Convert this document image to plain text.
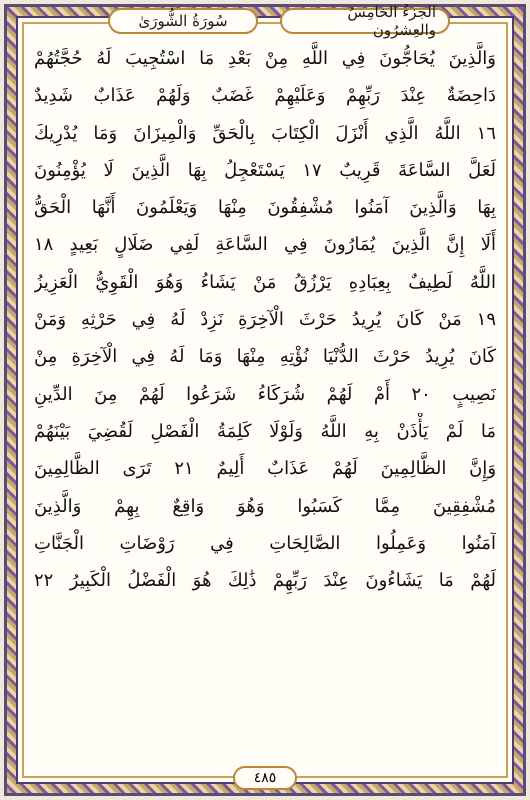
سُورَةُ الشُّورَىٰ	الجزءُ الخامِسُ والعِشرُون
وَالَّذِينَ يُحَاجُّونَ فِي اللَّهِ مِنْ بَعْدِ مَا اسْتُجِيبَ لَهُ حُجَّتُهُمْ
دَاحِضَةٌ عِنْدَ رَبِّهِمْ وَعَلَيْهِمْ غَضَبٌ وَلَهُمْ عَذَابٌ شَدِيدٌ
١٦ اللَّهُ الَّذِي أَنْزَلَ الْكِتَابَ بِالْحَقِّ وَالْمِيزَانَ وَمَا يُدْرِيكَ
لَعَلَّ السَّاعَةَ قَرِيبٌ ١٧ يَسْتَعْجِلُ بِهَا الَّذِينَ لَا يُؤْمِنُونَ
بِهَا وَالَّذِينَ آمَنُوا مُشْفِقُونَ مِنْهَا وَيَعْلَمُونَ أَنَّهَا الْحَقُّ
أَلَا إِنَّ الَّذِينَ يُمَارُونَ فِي السَّاعَةِ لَفِي ضَلَالٍ بَعِيدٍ ١٨
اللَّهُ لَطِيفٌ بِعِبَادِهِ يَرْزُقُ مَنْ يَشَاءُ وَهُوَ الْقَوِيُّ الْعَزِيزُ
١٩ مَنْ كَانَ يُرِيدُ حَرْثَ الْآخِرَةِ نَزِدْ لَهُ فِي حَرْثِهِ وَمَنْ
كَانَ يُرِيدُ حَرْثَ الدُّنْيَا نُؤْتِهِ مِنْهَا وَمَا لَهُ فِي الْآخِرَةِ مِنْ
نَصِيبٍ ٢٠ أَمْ لَهُمْ شُرَكَاءُ شَرَعُوا لَهُمْ مِنَ الدِّينِ
مَا لَمْ يَأْذَنْ بِهِ اللَّهُ وَلَوْلَا كَلِمَةُ الْفَصْلِ لَقُضِيَ بَيْنَهُمْ
وَإِنَّ الظَّالِمِينَ لَهُمْ عَذَابٌ أَلِيمٌ ٢١ تَرَى الظَّالِمِينَ
مُشْفِقِينَ مِمَّا كَسَبُوا وَهُوَ وَاقِعٌ بِهِمْ وَالَّذِينَ
آمَنُوا وَعَمِلُوا الصَّالِحَاتِ فِي رَوْضَاتِ الْجَنَّاتِ
لَهُمْ مَا يَشَاءُونَ عِنْدَ رَبِّهِمْ ذَٰلِكَ هُوَ الْفَضْلُ الْكَبِيرُ ٢٢
٤٨٥
